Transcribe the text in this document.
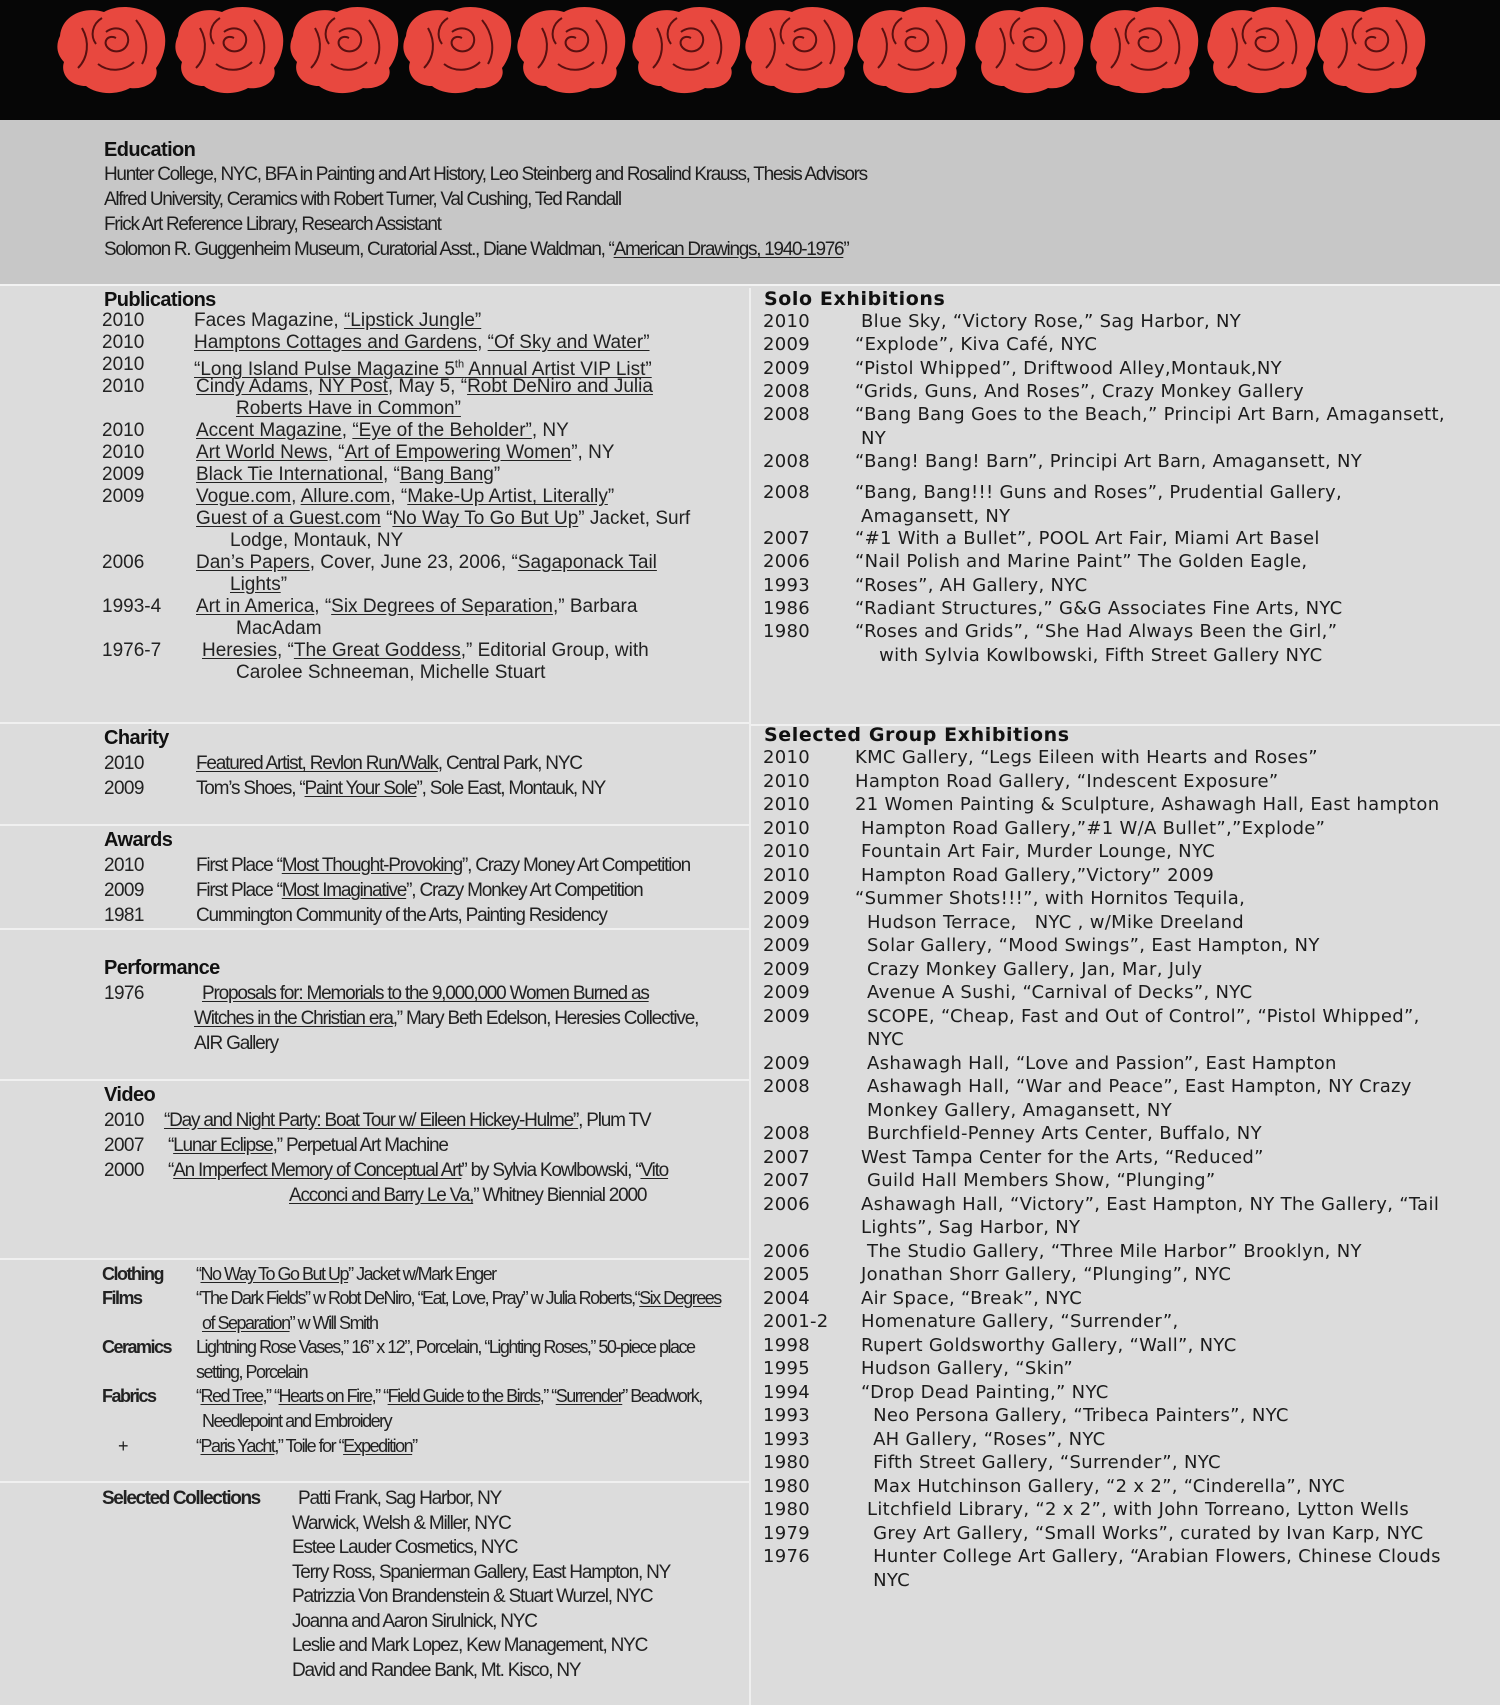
Education
Hunter College, NYC, BFA in Painting and Art History, Leo Steinberg and Rosalind Krauss, Thesis Advisors
Alfred University, Ceramics with Robert Turner, Val Cushing, Ted Randall
Frick Art Reference Library, Research Assistant
Solomon R. Guggenheim Museum, Curatorial Asst., Diane Waldman, “American Drawings, 1940-1976”
Publications
2010	Faces Magazine, “Lipstick Jungle”
2010	Hamptons Cottages and Gardens, “Of Sky and Water”
2010	“Long Island Pulse Magazine 5th Annual Artist VIP List”
2010	Cindy Adams, NY Post, May 5, “Robt DeNiro and Julia
Roberts Have in Common”
2010	Accent Magazine, “Eye of the Beholder”, NY
2010	Art World News, “Art of Empowering Women”, NY
2009	Black Tie International, “Bang Bang”
2009	Vogue.com, Allure.com, “Make-Up Artist, Literally”
Guest of a Guest.com “No Way To Go But Up” Jacket, Surf
Lodge, Montauk, NY
2006	Dan’s Papers, Cover, June 23, 2006, “Sagaponack Tail
Lights”
1993-4 Art in America, “Six Degrees of Separation,” Barbara
MacAdam
1976-7 Heresies, “The Great Goddess,” Editorial Group, with
Carolee Schneeman, Michelle Stuart
Charity
2010	Featured Artist, Revlon Run/Walk, Central Park, NYC
2009	Tom’s Shoes, “Paint Your Sole”, Sole East, Montauk, NY
Awards
2010	First Place “Most Thought-Provoking”, Crazy Money Art Competition
2009	First Place “Most Imaginative”, Crazy Monkey Art Competition
1981	Cummington Community of the Arts, Painting Residency
Performance
1976	Proposals for: Memorials to the 9,000,000 Women Burned as
Witches in the Christian era,” Mary Beth Edelson, Heresies Collective,
AIR Gallery
Video
2010 “Day and Night Party: Boat Tour w/ Eileen Hickey-Hulme”, Plum TV
2007 “Lunar Eclipse,” Perpetual Art Machine
2000 “An Imperfect Memory of Conceptual Art” by Sylvia Kowlbowski, “Vito
Acconci and Barry Le Va,” Whitney Biennial 2000
Clothing “No Way To Go But Up” Jacket w/Mark Enger
Films	“The Dark Fields” w Robt DeNiro, “Eat, Love, Pray” w Julia Roberts,“Six Degrees
of Separation” w Will Smith
Ceramics Lightning Rose Vases,” 16” x 12”, Porcelain, “Lighting Roses,” 50-piece place
setting, Porcelain
Fabrics “Red Tree,” “Hearts on Fire,” “Field Guide to the Birds,” “Surrender” Beadwork,
Needlepoint and Embroidery
+	“Paris Yacht,” Toile for “Expedition”
Selected Collections Patti Frank, Sag Harbor, NY
Warwick, Welsh & Miller, NYC
Estee Lauder Cosmetics, NYC
Terry Ross, Spanierman Gallery, East Hampton, NY
Patrizzia Von Brandenstein & Stuart Wurzel, NYC
Joanna and Aaron Sirulnick, NYC
Leslie and Mark Lopez, Kew Management, NYC
David and Randee Bank, Mt. Kisco, NY
Solo Exhibitions
2010 Blue Sky, “Victory Rose,” Sag Harbor, NY
2009 “Explode”, Kiva Café, NYC
2009 “Pistol Whipped”, Driftwood Alley,Montauk,NY
2008 “Grids, Guns, And Roses”, Crazy Monkey Gallery
2008 “Bang Bang Goes to the Beach,” Principi Art Barn, Amagansett,
NY
2008 “Bang! Bang! Barn”, Principi Art Barn, Amagansett, NY
2008 “Bang, Bang!!! Guns and Roses”, Prudential Gallery,
Amagansett, NY
2007 “#1 With a Bullet”, POOL Art Fair, Miami Art Basel
2006 “Nail Polish and Marine Paint” The Golden Eagle,
1993 “Roses”, AH Gallery, NYC
1986 “Radiant Structures,” G&G Associates Fine Arts, NYC
1980 “Roses and Grids”, “She Had Always Been the Girl,”
with Sylvia Kowlbowski, Fifth Street Gallery NYC
Selected Group Exhibitions
2010 KMC Gallery, “Legs Eileen with Hearts and Roses”
2010 Hampton Road Gallery, “Indescent Exposure”
2010 21 Women Painting & Sculpture, Ashawagh Hall, East hampton
2010 Hampton Road Gallery,”#1 W/A Bullet”,”Explode”
2010 Fountain Art Fair, Murder Lounge, NYC
2010 Hampton Road Gallery,”Victory” 2009
2009 “Summer Shots!!!”, with Hornitos Tequila,
2009 Hudson Terrace,   NYC , w/Mike Dreeland
2009 Solar Gallery, “Mood Swings”, East Hampton, NY
2009 Crazy Monkey Gallery, Jan, Mar, July
2009 Avenue A Sushi, “Carnival of Decks”, NYC
2009 SCOPE, “Cheap, Fast and Out of Control”, “Pistol Whipped”,
NYC
2009 Ashawagh Hall, “Love and Passion”, East Hampton
2008 Ashawagh Hall, “War and Peace”, East Hampton, NY Crazy
Monkey Gallery, Amagansett, NY
2008 Burchfield-Penney Arts Center, Buffalo, NY
2007 West Tampa Center for the Arts, “Reduced”
2007 Guild Hall Members Show, “Plunging”
2006 Ashawagh Hall, “Victory”, East Hampton, NY The Gallery, “Tail
Lights”, Sag Harbor, NY
2006 The Studio Gallery, “Three Mile Harbor” Brooklyn, NY
2005 Jonathan Shorr Gallery, “Plunging”, NYC
2004 Air Space, “Break”, NYC
2001-2 Homenature Gallery, “Surrender”,
1998 Rupert Goldsworthy Gallery, “Wall”, NYC
1995 Hudson Gallery, “Skin”
1994 “Drop Dead Painting,” NYC
1993 Neo Persona Gallery, “Tribeca Painters”, NYC
1993 AH Gallery, “Roses”, NYC
1980 Fifth Street Gallery, “Surrender”, NYC
1980 Max Hutchinson Gallery, “2 x 2”, “Cinderella”, NYC
1980 Litchfield Library, “2 x 2”, with John Torreano, Lytton Wells
1979 Grey Art Gallery, “Small Works”, curated by Ivan Karp, NYC
1976 Hunter College Art Gallery, “Arabian Flowers, Chinese Clouds
NYC
